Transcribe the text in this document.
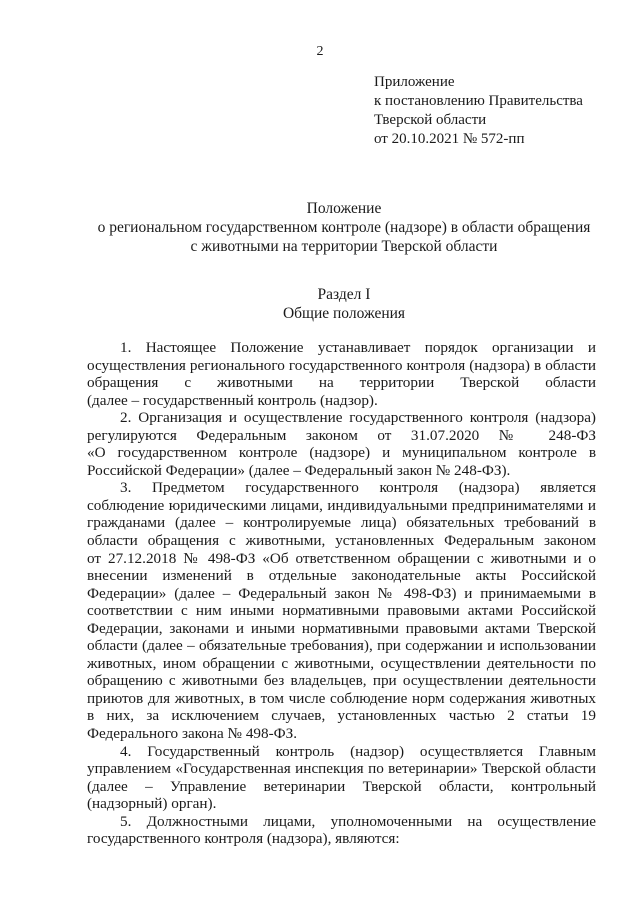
2
Приложение
к постановлению Правительства
Тверской области
от 20.10.2021 № 572-пп
Положение
о региональном государственном контроле (надзоре) в области обращения
с животными на территории Тверской области
Раздел I
Общие положения
1. Настоящее Положение устанавливает порядок организации и
осуществления регионального государственного контроля (надзора) в области
обращения с животными на территории Тверской области
(далее – государственный контроль (надзор).
2. Организация и осуществление государственного контроля (надзора)
регулируются Федеральным законом от 31.07.2020 № 248-ФЗ
«О государственном контроле (надзоре) и муниципальном контроле в
Российской Федерации» (далее – Федеральный закон № 248-ФЗ).
3. Предметом государственного контроля (надзора) является
соблюдение юридическими лицами, индивидуальными предпринимателями и
гражданами (далее – контролируемые лица) обязательных требований в
области обращения с животными, установленных Федеральным законом
от 27.12.2018 № 498-ФЗ «Об ответственном обращении с животными и о
внесении изменений в отдельные законодательные акты Российской
Федерации» (далее – Федеральный закон № 498-ФЗ) и принимаемыми в
соответствии с ним иными нормативными правовыми актами Российской
Федерации, законами и иными нормативными правовыми актами Тверской
области (далее – обязательные требования), при содержании и использовании
животных, ином обращении с животными, осуществлении деятельности по
обращению с животными без владельцев, при осуществлении деятельности
приютов для животных, в том числе соблюдение норм содержания животных
в них, за исключением случаев, установленных частью 2 статьи 19
Федерального закона № 498-ФЗ.
4. Государственный контроль (надзор) осуществляется Главным
управлением «Государственная инспекция по ветеринарии» Тверской области
(далее – Управление ветеринарии Тверской области, контрольный
(надзорный) орган).
5. Должностными лицами, уполномоченными на осуществление
государственного контроля (надзора), являются:
